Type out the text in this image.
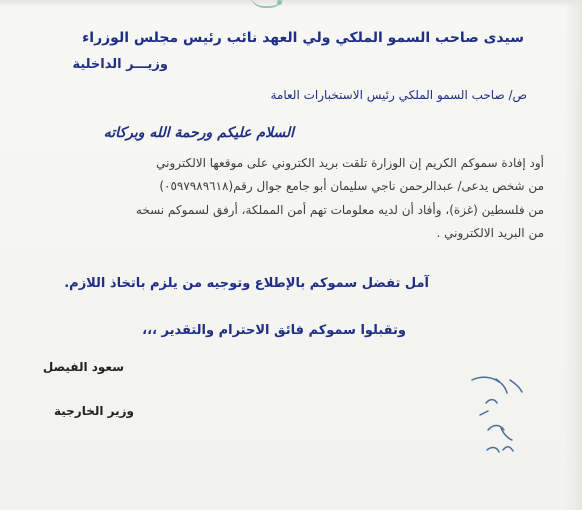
سيدى صاحب السمو الملكي ولي العهد نائب رئيس مجلس الوزراء
وزيـــر الداخلية
ص/ صاحب السمو الملكي رئيس الاستخبارات العامة
السلام عليكم ورحمة الله وبركاته
أود إفادة سموكم الكريم إن الوزارة تلقت بريد الكتروني على موقعها الالكتروني
من شخص يدعى/ عبدالرحمن ناجي سليمان أبو جامع جوال رقم(٠٥٩٧٩٨٩٦١٨)
من فلسطين (غزة)، وأفاد أن لديه معلومات تهم أمن المملكة، أرفق لسموكم نسخه
من البريد الالكتروني .
آمل تفضل سموكم بالإطلاع وتوجيه من يلزم باتخاذ اللازم.
وتقبلوا سموكم فائق الاحترام والتقدير ،،،
سعود الفيصل
وزير الخارجية
